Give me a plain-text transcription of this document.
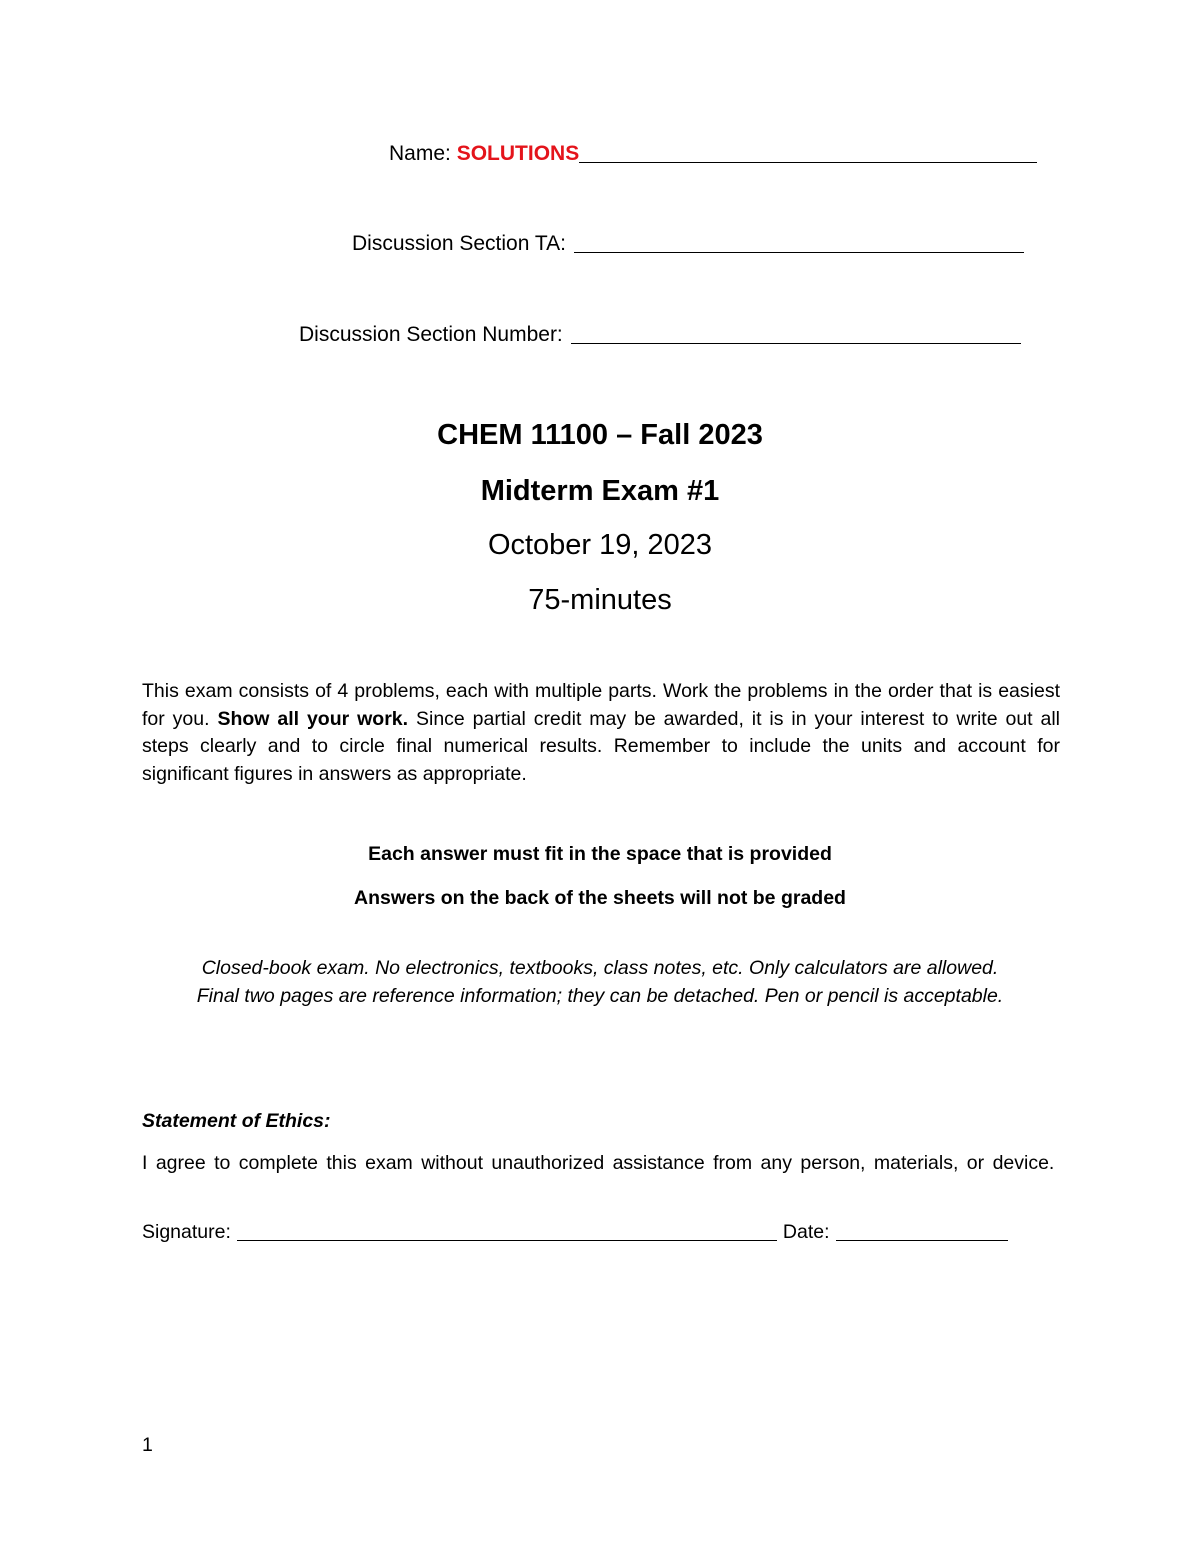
Name:
SOLUTIONS
Discussion Section TA:
Discussion Section Number:
CHEM 11100 – Fall 2023
Midterm Exam #1
October 19, 2023
75-minutes
This exam consists of 4 problems, each with multiple parts. Work the problems in the order that is easiest for you. Show all your work. Since partial credit may be awarded, it is in your interest to write out all steps clearly and to circle final numerical results. Remember to include the units and account for significant figures in answers as appropriate.
Each answer must fit in the space that is provided
Answers on the back of the sheets will not be graded
Closed-book exam. No electronics, textbooks, class notes, etc. Only calculators are allowed.
Final two pages are reference information; they can be detached. Pen or pencil is acceptable.
Statement of Ethics:
I agree to complete this exam without unauthorized assistance from any person, materials, or device.
Signature:	Date:
1
